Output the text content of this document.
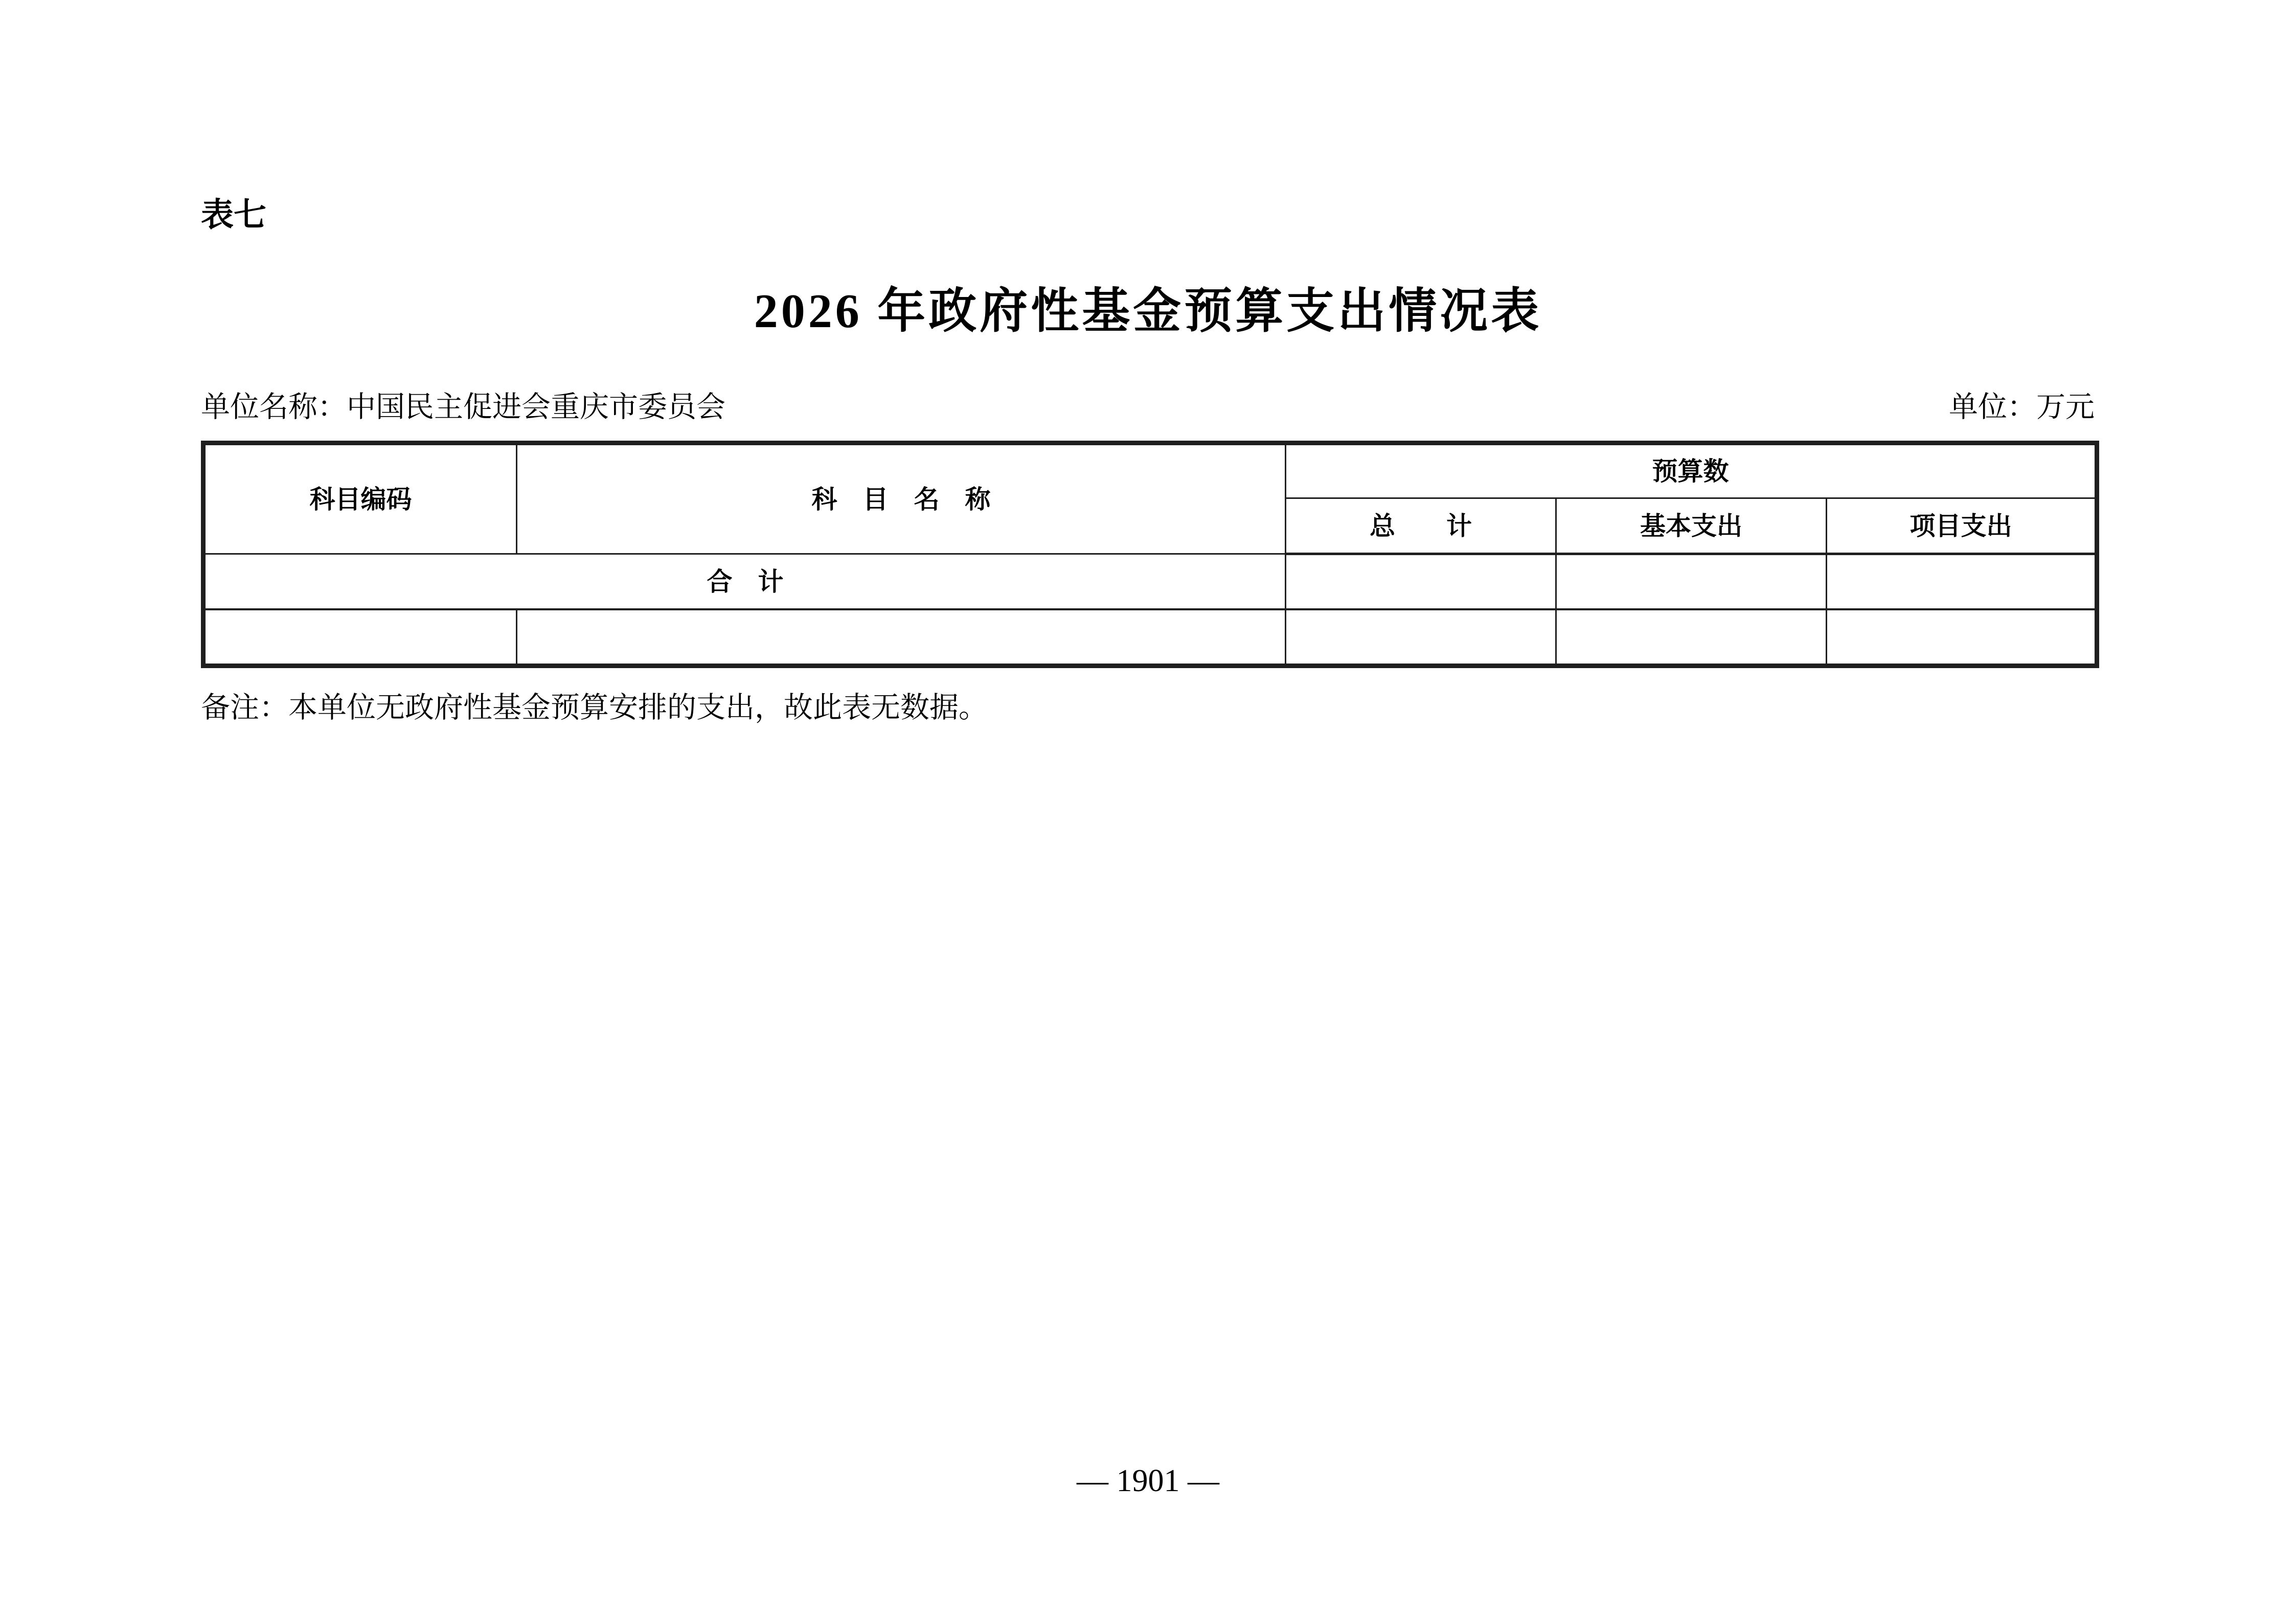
表七
2026 年政府性基金预算支出情况表
单位名称：中国民主促进会重庆市委员会	单位：万元
科目编码	科　目　名　称	预算数		
		总　　计	基本支出	项目支出
合　计				

备注：本单位无政府性基金预算安排的支出，故此表无数据。
— 1901 —
